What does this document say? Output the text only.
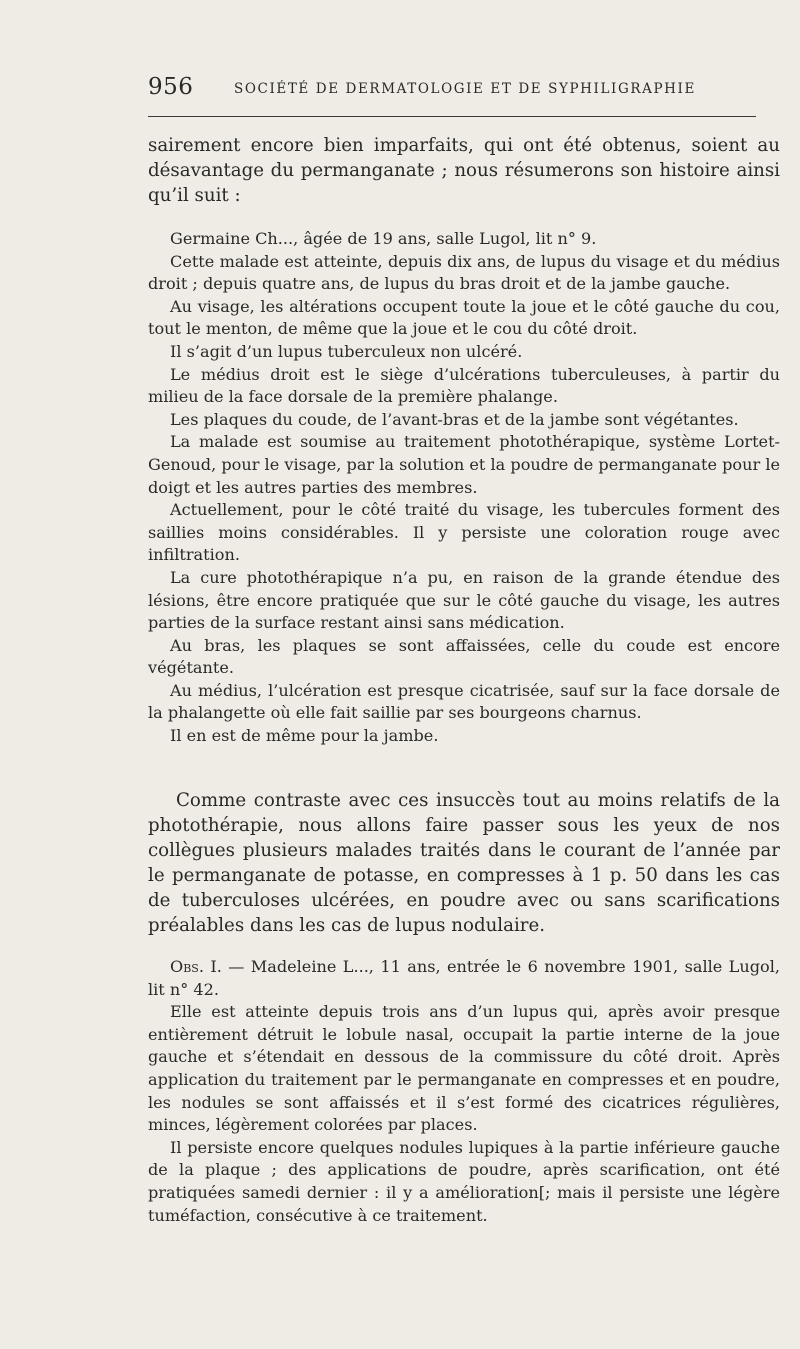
956	SOCIÉTÉ DE DERMATOLOGIE ET DE SYPHILIGRAPHIE

sairement encore bien imparfaits, qui ont été obtenus, soient au désavantage du permanganate ; nous résumerons son histoire ainsi qu’il suit :

Germaine Ch..., âgée de 19 ans, salle Lugol, lit n° 9.

Cette malade est atteinte, depuis dix ans, de lupus du visage et du médius droit ; depuis quatre ans, de lupus du bras droit et de la jambe gauche.

Au visage, les altérations occupent toute la joue et le côté gauche du cou, tout le menton, de même que la joue et le cou du côté droit.

Il s’agit d’un lupus tuberculeux non ulcéré.

Le médius droit est le siège d’ulcérations tuberculeuses, à partir du milieu de la face dorsale de la première phalange.

Les plaques du coude, de l’avant-bras et de la jambe sont végétantes.

La malade est soumise au traitement photothérapique, système Lortet-Genoud, pour le visage, par la solution et la poudre de permanganate pour le doigt et les autres parties des membres.

Actuellement, pour le côté traité du visage, les tubercules forment des saillies moins considérables. Il y persiste une coloration rouge avec infiltration.

La cure photothérapique n’a pu, en raison de la grande étendue des lésions, être encore pratiquée que sur le côté gauche du visage, les autres parties de la surface restant ainsi sans médication.

Au bras, les plaques se sont affaissées, celle du coude est encore végétante.

Au médius, l’ulcération est presque cicatrisée, sauf sur la face dorsale de la phalangette où elle fait saillie par ses bourgeons charnus.

Il en est de même pour la jambe.

Comme contraste avec ces insuccès tout au moins relatifs de la photothérapie, nous allons faire passer sous les yeux de nos collègues plusieurs malades traités dans le courant de l’année par le permanganate de potasse, en compresses à 1 p. 50 dans les cas de tuberculoses ulcérées, en poudre avec ou sans scarifications préalables dans les cas de lupus nodulaire.

Obs. I. — Madeleine L..., 11 ans, entrée le 6 novembre 1901, salle Lugol, lit n° 42.

Elle est atteinte depuis trois ans d’un lupus qui, après avoir presque entièrement détruit le lobule nasal, occupait la partie interne de la joue gauche et s’étendait en dessous de la commissure du côté droit. Après application du traitement par le permanganate en compresses et en poudre, les nodules se sont affaissés et il s’est formé des cicatrices régulières, minces, légèrement colorées par places.

Il persiste encore quelques nodules lupiques à la partie inférieure gauche de la plaque ; des applications de poudre, après scarification, ont été pratiquées samedi dernier : il y a amélioration[; mais il persiste une légère tuméfaction, consécutive à ce traitement.
